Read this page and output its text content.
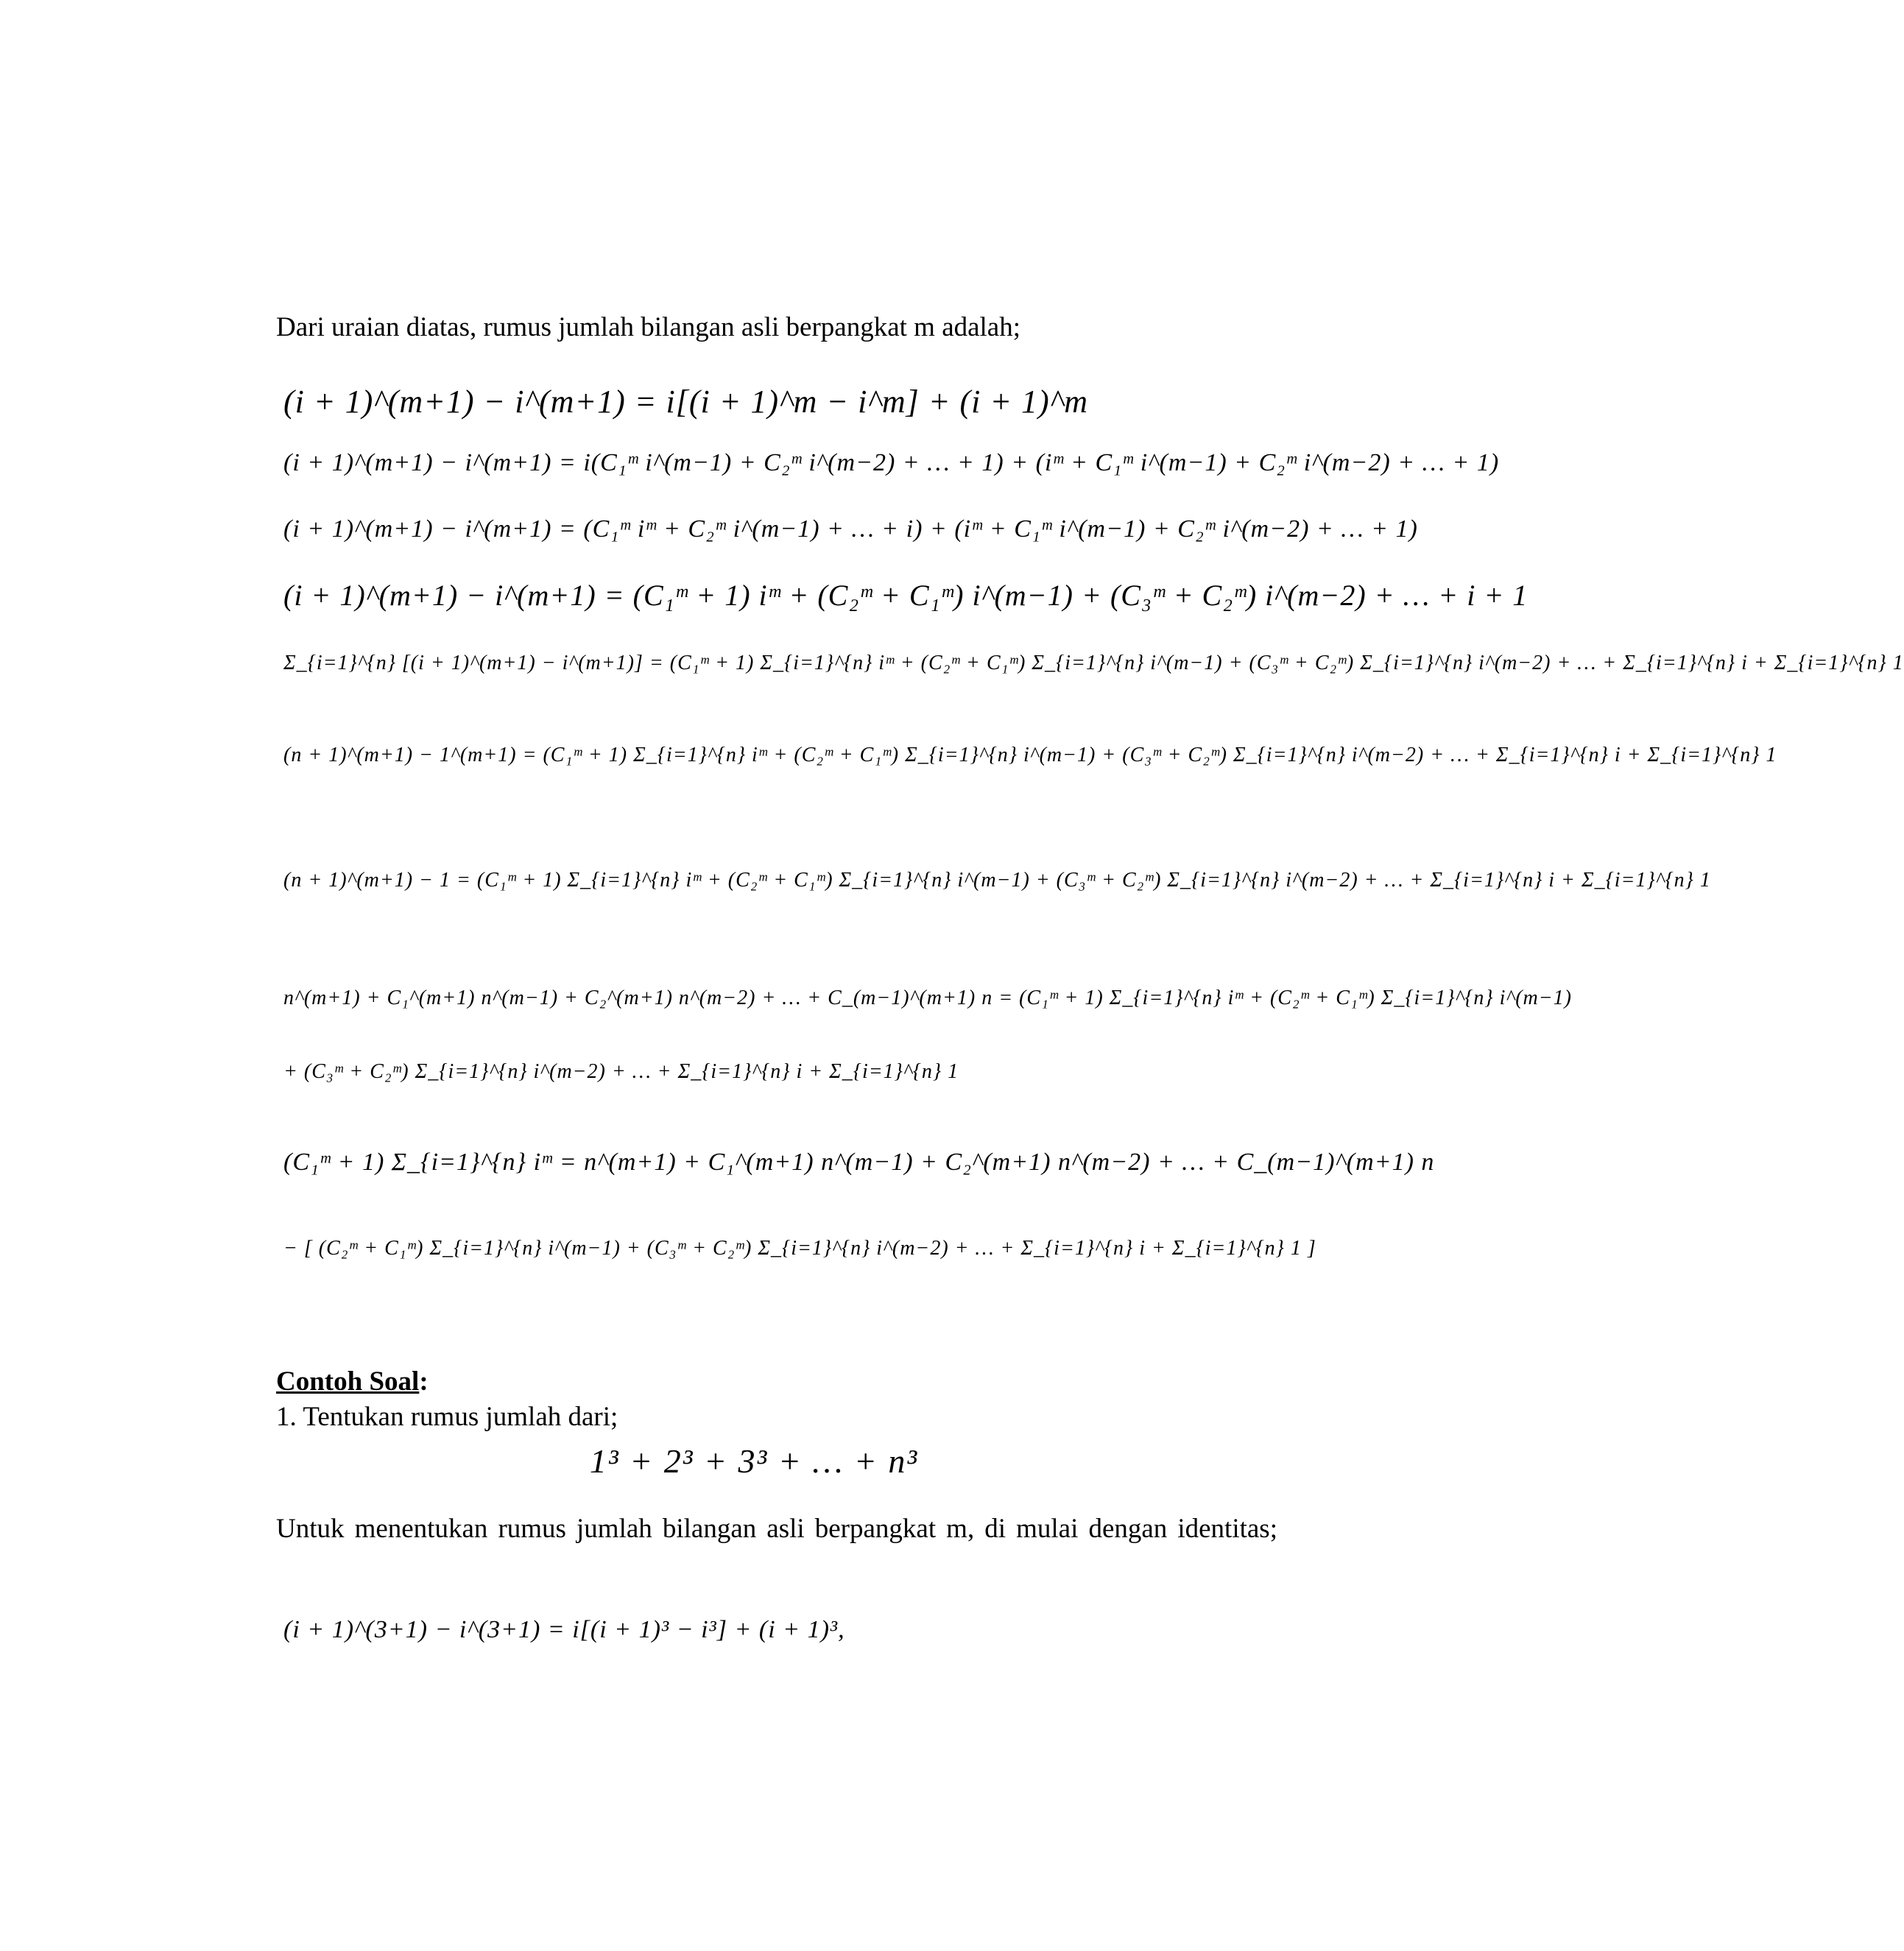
Dari uraian diatas, rumus jumlah bilangan asli berpangkat m adalah;
(i + 1)^(m+1) − i^(m+1) = i[(i + 1)^m − i^m] + (i + 1)^m
(i + 1)^(m+1) − i^(m+1) = i(C₁ᵐ i^(m−1) + C₂ᵐ i^(m−2) + … + 1) + (iᵐ + C₁ᵐ i^(m−1) + C₂ᵐ i^(m−2) + … + 1)
(i + 1)^(m+1) − i^(m+1) = (C₁ᵐ iᵐ + C₂ᵐ i^(m−1) + … + i) + (iᵐ + C₁ᵐ i^(m−1) + C₂ᵐ i^(m−2) + … + 1)
(i + 1)^(m+1) − i^(m+1) = (C₁ᵐ + 1) iᵐ + (C₂ᵐ + C₁ᵐ) i^(m−1) + (C₃ᵐ + C₂ᵐ) i^(m−2) + … + i + 1
Σ_{i=1}^{n} [(i + 1)^(m+1) − i^(m+1)] = (C₁ᵐ + 1) Σ_{i=1}^{n} iᵐ + (C₂ᵐ + C₁ᵐ) Σ_{i=1}^{n} i^(m−1) + (C₃ᵐ + C₂ᵐ) Σ_{i=1}^{n} i^(m−2) + … + Σ_{i=1}^{n} i + Σ_{i=1}^{n} 1
(n + 1)^(m+1) − 1^(m+1) = (C₁ᵐ + 1) Σ_{i=1}^{n} iᵐ + (C₂ᵐ + C₁ᵐ) Σ_{i=1}^{n} i^(m−1) + (C₃ᵐ + C₂ᵐ) Σ_{i=1}^{n} i^(m−2) + … + Σ_{i=1}^{n} i + Σ_{i=1}^{n} 1
(n + 1)^(m+1) − 1 = (C₁ᵐ + 1) Σ_{i=1}^{n} iᵐ + (C₂ᵐ + C₁ᵐ) Σ_{i=1}^{n} i^(m−1) + (C₃ᵐ + C₂ᵐ) Σ_{i=1}^{n} i^(m−2) + … + Σ_{i=1}^{n} i + Σ_{i=1}^{n} 1
n^(m+1) + C₁^(m+1) n^(m−1) + C₂^(m+1) n^(m−2) + … + C_(m−1)^(m+1) n = (C₁ᵐ + 1) Σ_{i=1}^{n} iᵐ + (C₂ᵐ + C₁ᵐ) Σ_{i=1}^{n} i^(m−1)
+ (C₃ᵐ + C₂ᵐ) Σ_{i=1}^{n} i^(m−2) + … + Σ_{i=1}^{n} i + Σ_{i=1}^{n} 1
(C₁ᵐ + 1) Σ_{i=1}^{n} iᵐ = n^(m+1) + C₁^(m+1) n^(m−1) + C₂^(m+1) n^(m−2) + … + C_(m−1)^(m+1) n
− [ (C₂ᵐ + C₁ᵐ) Σ_{i=1}^{n} i^(m−1) + (C₃ᵐ + C₂ᵐ) Σ_{i=1}^{n} i^(m−2) + … + Σ_{i=1}^{n} i + Σ_{i=1}^{n} 1 ]
Contoh Soal:
1. Tentukan rumus jumlah dari;
1³ + 2³ + 3³ + … + n³
Untuk menentukan rumus jumlah bilangan asli berpangkat m, di mulai dengan identitas;
(i + 1)^(3+1) − i^(3+1) = i[(i + 1)³ − i³] + (i + 1)³,
